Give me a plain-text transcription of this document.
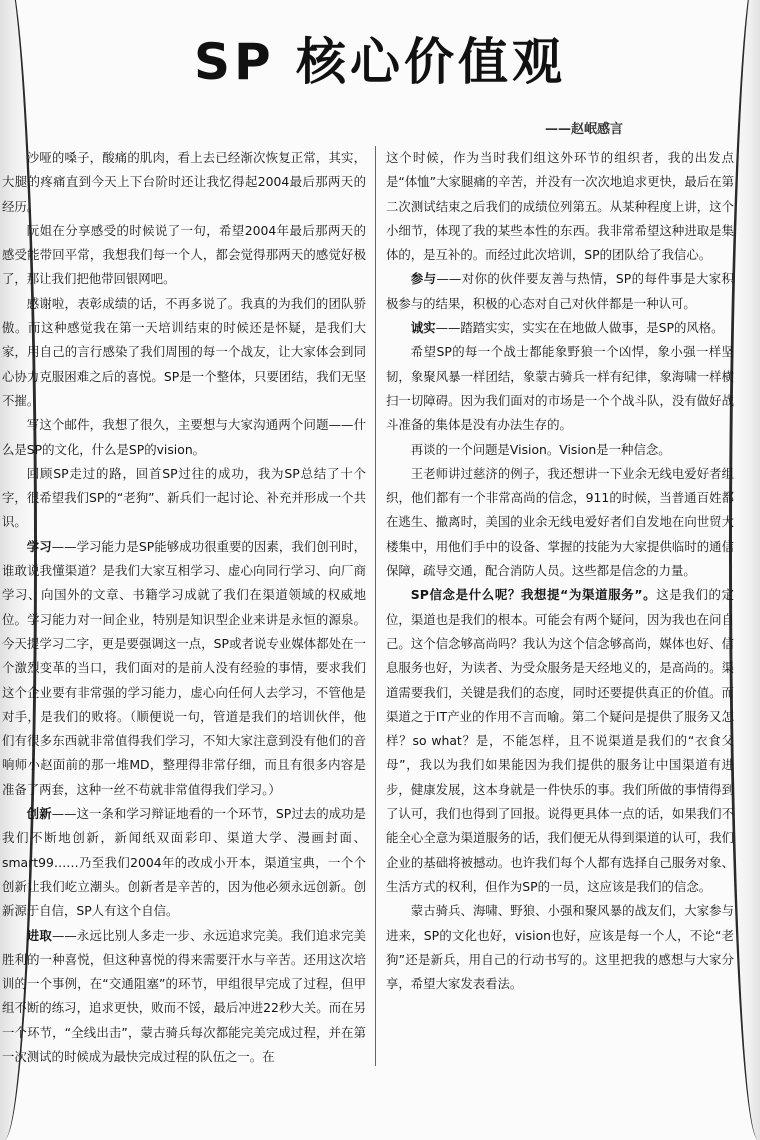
SP 核心价值观
——赵岷感言

沙哑的嗓子，酸痛的肌肉，看上去已经渐次恢复正常，其实，大腿的疼痛直到今天上下台阶时还让我忆得起2004最后那两天的经历。

阮姐在分享感受的时候说了一句，希望2004年最后那两天的感受能带回平常，我想我们每一个人，都会觉得那两天的感觉好极了，那让我们把他带回银网吧。

感谢啦，表彰成绩的话，不再多说了。我真的为我们的团队骄傲。而这种感觉我在第一天培训结束的时候还是怀疑，是我们大家，用自己的言行感染了我们周围的每一个战友，让大家体会到同心协力克服困难之后的喜悦。SP是一个整体，只要团结，我们无坚不摧。

写这个邮件，我想了很久，主要想与大家沟通两个问题——什么是SP的文化，什么是SP的vision。

回顾SP走过的路，回首SP过往的成功，我为SP总结了十个字，很希望我们SP的“老狗”、新兵们一起讨论、补充并形成一个共识。

学习——学习能力是SP能够成功很重要的因素，我们创刊时，谁敢说我懂渠道？是我们大家互相学习、虚心向同行学习、向厂商学习、向国外的文章、书籍学习成就了我们在渠道领域的权威地位。学习能力对一间企业，特别是知识型企业来讲是永恒的源泉。今天提学习二字，更是要强调这一点，SP或者说专业媒体都处在一个激烈变革的当口，我们面对的是前人没有经验的事情，要求我们这个企业要有非常强的学习能力，虚心向任何人去学习，不管他是对手，是我们的败将。（顺便说一句，管道是我们的培训伙伴，他们有很多东西就非常值得我们学习，不知大家注意到没有他们的音响师小赵面前的那一堆MD，整理得非常仔细，而且有很多内容是准备了两套，这种一丝不苟就非常值得我们学习。）

创新——这一条和学习辩证地看的一个环节，SP过去的成功是我们不断地创新，新闻纸双面彩印、渠道大学、漫画封面、smart99……乃至我们2004年的改成小开本，渠道宝典，一个个创新让我们屹立潮头。创新者是辛苦的，因为他必须永远创新。创新源于自信，SP人有这个自信。

进取——永远比别人多走一步、永远追求完美。我们追求完美胜利的一种喜悦，但这种喜悦的得来需要汗水与辛苦。还用这次培训的一个事例，在“交通阻塞”的环节，甲组很早完成了过程，但甲组不断的练习，追求更快，败而不馁，最后冲进22秒大关。而在另一个环节，“全线出击”，蒙古骑兵每次都能完美完成过程，并在第一次测试的时候成为最快完成过程的队伍之一。在

这个时候，作为当时我们组这外环节的组织者，我的出发点是“体恤”大家腿痛的辛苦，并没有一次次地追求更快，最后在第二次测试结束之后我们的成绩位列第五。从某种程度上讲，这个小细节，体现了我的某些本性的东西。我非常希望这种进取是集体的，是互补的。而经过此次培训，SP的团队给了我信心。

参与——对你的伙伴要友善与热情，SP的每件事是大家积极参与的结果，积极的心态对自己对伙伴都是一种认可。

诚实——踏踏实实，实实在在地做人做事，是SP的风格。

希望SP的每一个战士都能象野狼一个凶悍，象小强一样坚韧，象聚风暴一样团结，象蒙古骑兵一样有纪律，象海啸一样横扫一切障碍。因为我们面对的市场是一个个战斗队，没有做好战斗准备的集体是没有办法生存的。

再谈的一个问题是Vision。Vision是一种信念。

王老师讲过慈济的例子，我还想讲一下业余无线电爱好者组织，他们都有一个非常高尚的信念，911的时候，当普通百姓都在逃生、撤离时，美国的业余无线电爱好者们自发地在向世贸大楼集中，用他们手中的设备、掌握的技能为大家提供临时的通信保障，疏导交通，配合消防人员。这些都是信念的力量。

SP信念是什么呢？我想提“为渠道服务”。这是我们的定位，渠道也是我们的根本。可能会有两个疑问，因为我也在问自己。这个信念够高尚吗？我认为这个信念够高尚，媒体也好、信息服务也好，为读者、为受众服务是天经地义的，是高尚的。渠道需要我们，关键是我们的态度，同时还要提供真正的价值。而渠道之于IT产业的作用不言而喻。第二个疑问是提供了服务又怎样？so what？是，不能怎样，且不说渠道是我们的“衣食父母”，我以为我们如果能因为我们提供的服务让中国渠道有进步，健康发展，这本身就是一件快乐的事。我们所做的事情得到了认可，我们也得到了回报。说得更具体一点的话，如果我们不能全心全意为渠道服务的话，我们便无从得到渠道的认可，我们企业的基础将被撼动。也许我们每个人都有选择自己服务对象、生活方式的权利，但作为SP的一员，这应该是我们的信念。

蒙古骑兵、海啸、野狼、小强和聚风暴的战友们，大家参与进来，SP的文化也好，vision也好，应该是每一个人，不论“老狗”还是新兵，用自己的行动书写的。这里把我的感想与大家分享，希望大家发表看法。
